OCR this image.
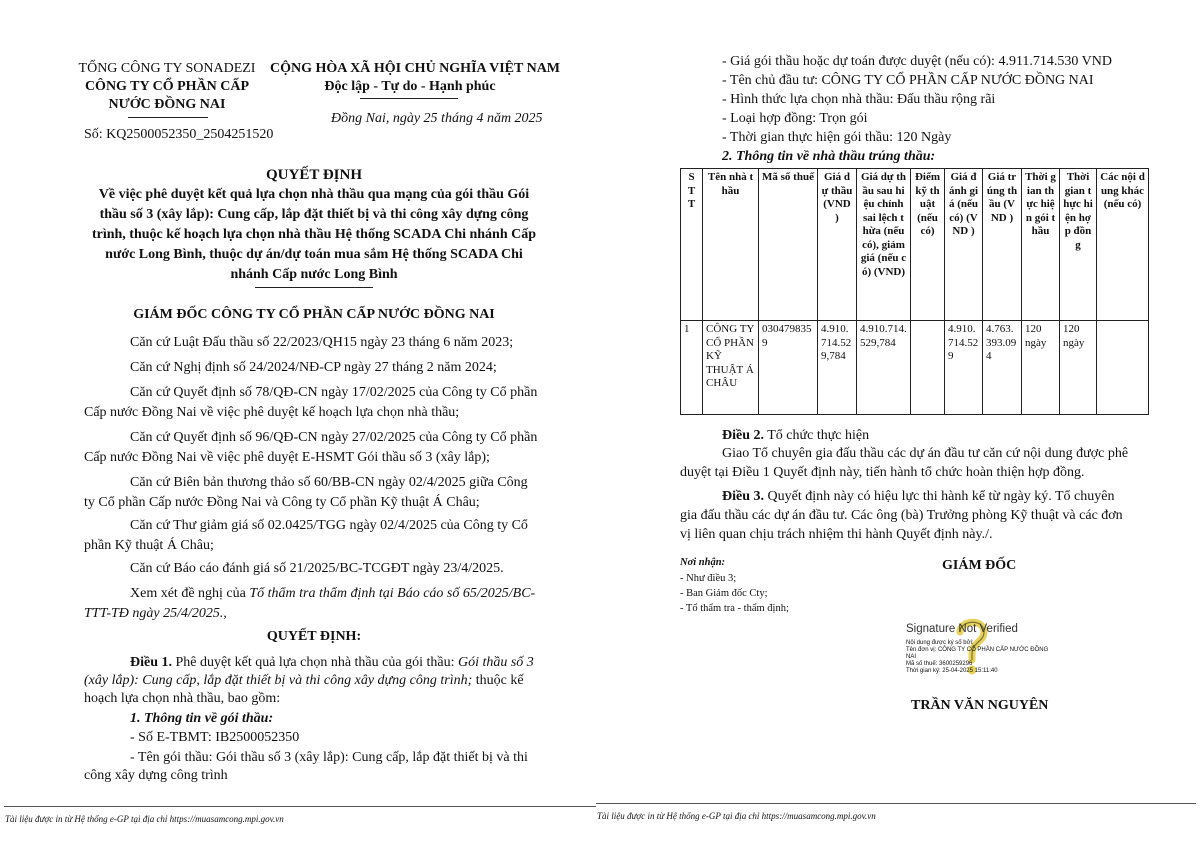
TỔNG CÔNG TY SONADEZI
CÔNG TY CỔ PHẦN CẤP
NƯỚC ĐỒNG NAI
Số: KQ2500052350_2504251520
CỘNG HÒA XÃ HỘI CHỦ NGHĨA VIỆT NAM
Độc lập - Tự do - Hạnh phúc
Đồng Nai, ngày 25 tháng 4 năm 2025
QUYẾT ĐỊNH
Về việc phê duyệt kết quả lựa chọn nhà thầu qua mạng của gói thầu Gói
thầu số 3 (xây lắp): Cung cấp, lắp đặt thiết bị và thi công xây dựng công
trình, thuộc kế hoạch lựa chọn nhà thầu Hệ thống SCADA Chi nhánh Cấp
nước Long Bình, thuộc dự án/dự toán mua sắm Hệ thống SCADA Chi
nhánh Cấp nước Long Bình
GIÁM ĐỐC CÔNG TY CỔ PHẦN CẤP NƯỚC ĐỒNG NAI
Căn cứ Luật Đấu thầu số 22/2023/QH15 ngày 23 tháng 6 năm 2023;
Căn cứ Nghị định số 24/2024/NĐ-CP ngày 27 tháng 2 năm 2024;
Căn cứ Quyết định số 78/QĐ-CN ngày 17/02/2025 của Công ty Cổ phần
Cấp nước Đồng Nai về việc phê duyệt kế hoạch lựa chọn nhà thầu;
Căn cứ Quyết định số 96/QĐ-CN ngày 27/02/2025 của Công ty Cổ phần
Cấp nước Đồng Nai về việc phê duyệt E-HSMT Gói thầu số 3 (xây lắp);
Căn cứ Biên bản thương thảo số 60/BB-CN ngày 02/4/2025 giữa Công
ty Cổ phần Cấp nước Đồng Nai và Công ty Cổ phần Kỹ thuật Á Châu;
Căn cứ Thư giảm giá số 02.0425/TGG ngày 02/4/2025 của Công ty Cổ
phần Kỹ thuật Á Châu;
Căn cứ Báo cáo đánh giá số 21/2025/BC-TCGĐT ngày 23/4/2025.
Xem xét đề nghị của Tổ thẩm tra thẩm định tại Báo cáo số 65/2025/BC-
TTT-TĐ ngày 25/4/2025.,
QUYẾT ĐỊNH:
Điều 1. Phê duyệt kết quả lựa chọn nhà thầu của gói thầu: Gói thầu số 3
(xây lắp): Cung cấp, lắp đặt thiết bị và thi công xây dựng công trình; thuộc kế
hoạch lựa chọn nhà thầu, bao gồm:
1. Thông tin về gói thầu:
- Số E-TBMT: IB2500052350
- Tên gói thầu: Gói thầu số 3 (xây lắp): Cung cấp, lắp đặt thiết bị và thi
công xây dựng công trình
Tài liệu được in từ Hệ thống e-GP tại địa chỉ https://muasamcong.mpi.gov.vn
- Giá gói thầu hoặc dự toán được duyệt (nếu có): 4.911.714.530 VND
- Tên chủ đầu tư: CÔNG TY CỔ PHẦN CẤP NƯỚC ĐỒNG NAI
- Hình thức lựa chọn nhà thầu: Đấu thầu rộng rãi
- Loại hợp đồng: Trọn gói
- Thời gian thực hiện gói thầu: 120 Ngày
2. Thông tin về nhà thầu trúng thầu:
S T T	Tên nhà thầu	Mã số thuế	Giá dự thầu (VND )	Giá dự thầu sau hiệu chỉnh sai lệch thừa (nếu có), giảm giá (nếu có) (VND)	Điểm kỹ thuật (nếu có)	Giá đánh giá (nếu có) (VND )	Giá trúng thầu (VND )	Thời gian thực hiện gói thầu	Thời gian thực hiện hợp đồng	Các nội dung khác (nếu có)
1	CÔNG TY CỔ PHẦN KỸ THUẬT Á CHÂU	0304798359	4.910.714.529,784	4.910.714.529,784		4.910.714.529	4.763.393.094	120 ngày	120 ngày	
Điều 2. Tổ chức thực hiện
Giao Tổ chuyên gia đấu thầu các dự án đầu tư căn cứ nội dung được phê
duyệt tại Điều 1 Quyết định này, tiến hành tổ chức hoàn thiện hợp đồng.
Điều 3. Quyết định này có hiệu lực thi hành kể từ ngày ký. Tổ chuyên
gia đấu thầu các dự án đầu tư. Các ông (bà) Trưởng phòng Kỹ thuật và các đơn
vị liên quan chịu trách nhiệm thi hành Quyết định này./.
Nơi nhận:
- Như điều 3;
- Ban Giám đốc Cty;
- Tổ thẩm tra - thẩm định;
GIÁM ĐỐC
Signature Not Verified
Nội dung được ký số bởi:
Tên đơn vị: CÔNG TY CỔ PHẦN CẤP NƯỚC ĐỒNG
NAI
Mã số thuế: 3600259296
Thời gian ký: 25-04-2025 15:11:40
TRẦN VĂN NGUYÊN
Tài liệu được in từ Hệ thống e-GP tại địa chỉ https://muasamcong.mpi.gov.vn
